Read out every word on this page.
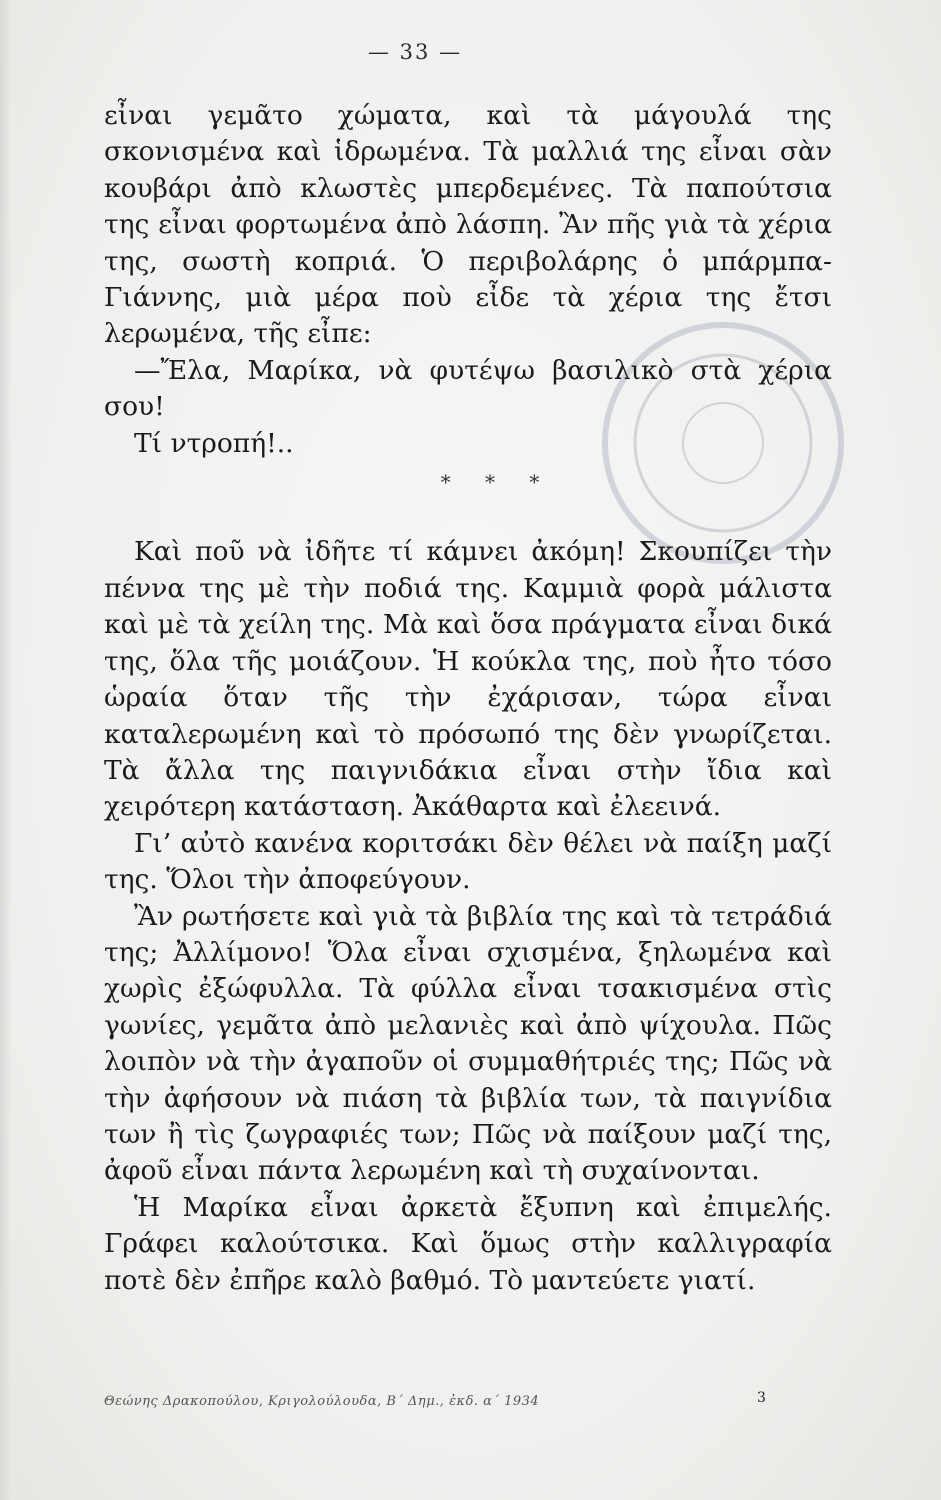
— 33 —

εἶναι γεμᾶτο χώματα, καὶ τὰ μάγουλά της σκονισμένα καὶ ἱδρωμένα. Τὰ μαλλιά της εἶναι σὰν κουβάρι ἀπὸ κλωστὲς μπερδεμένες. Τὰ παπούτσια της εἶναι φορτωμένα ἀπὸ λάσπη. Ἂν πῆς γιὰ τὰ χέρια της, σωστὴ κοπριά. Ὁ περιβολάρης ὁ μπάρμπα-Γιάννης, μιὰ μέρα ποὺ εἶδε τὰ χέρια της ἔτσι λερωμένα, τῆς εἶπε:

—Ἔλα, Μαρίκα, νὰ φυτέψω βασιλικὸ στὰ χέρια σου!

Τί ντροπή!..

* * *

Καὶ ποῦ νὰ ἰδῆτε τί κάμνει ἀκόμη! Σκουπίζει τὴν πέννα της μὲ τὴν ποδιά της. Καμμιὰ φορὰ μάλιστα καὶ μὲ τὰ χείλη της. Μὰ καὶ ὅσα πράγματα εἶναι δικά της, ὅλα τῆς μοιάζουν. Ἡ κούκλα της, ποὺ ἦτο τόσο ὡραία ὅταν τῆς τὴν ἐχάρισαν, τώρα εἶναι καταλερωμένη καὶ τὸ πρόσωπό της δὲν γνωρίζεται. Τὰ ἄλλα της παιγνιδάκια εἶναι στὴν ἴδια καὶ χειρότερη κατάσταση. Ἀκάθαρτα καὶ ἐλεεινά.

Γι’ αὐτὸ κανένα κοριτσάκι δὲν θέλει νὰ παίξη μαζί της. Ὅλοι τὴν ἀποφεύγουν.

Ἂν ρωτήσετε καὶ γιὰ τὰ βιβλία της καὶ τὰ τετράδιά της; Ἀλλίμονο! Ὅλα εἶναι σχισμένα, ξηλωμένα καὶ χωρὶς ἐξώφυλλα. Τὰ φύλλα εἶναι τσακισμένα στὶς γωνίες, γεμᾶτα ἀπὸ μελανιὲς καὶ ἀπὸ ψίχουλα. Πῶς λοιπὸν νὰ τὴν ἀγαποῦν οἱ συμμαθήτριές της; Πῶς νὰ τὴν ἀφήσουν νὰ πιάση τὰ βιβλία των, τὰ παιγνίδια των ἢ τὶς ζωγραφιές των; Πῶς νὰ παίξουν μαζί της, ἀφοῦ εἶναι πάντα λερωμένη καὶ τὴ συχαίνονται.

Ἡ Μαρίκα εἶναι ἀρκετὰ ἔξυπνη καὶ ἐπιμελής. Γράφει καλούτσικα. Καὶ ὅμως στὴν καλλιγραφία ποτὲ δὲν ἐπῆρε καλὸ βαθμό. Τὸ μαντεύετε γιατί.

Θεώνης Δρακοπούλου, Κριγολούλουδα, Β΄ Δημ., ἐκδ. α΄ 1934	3
